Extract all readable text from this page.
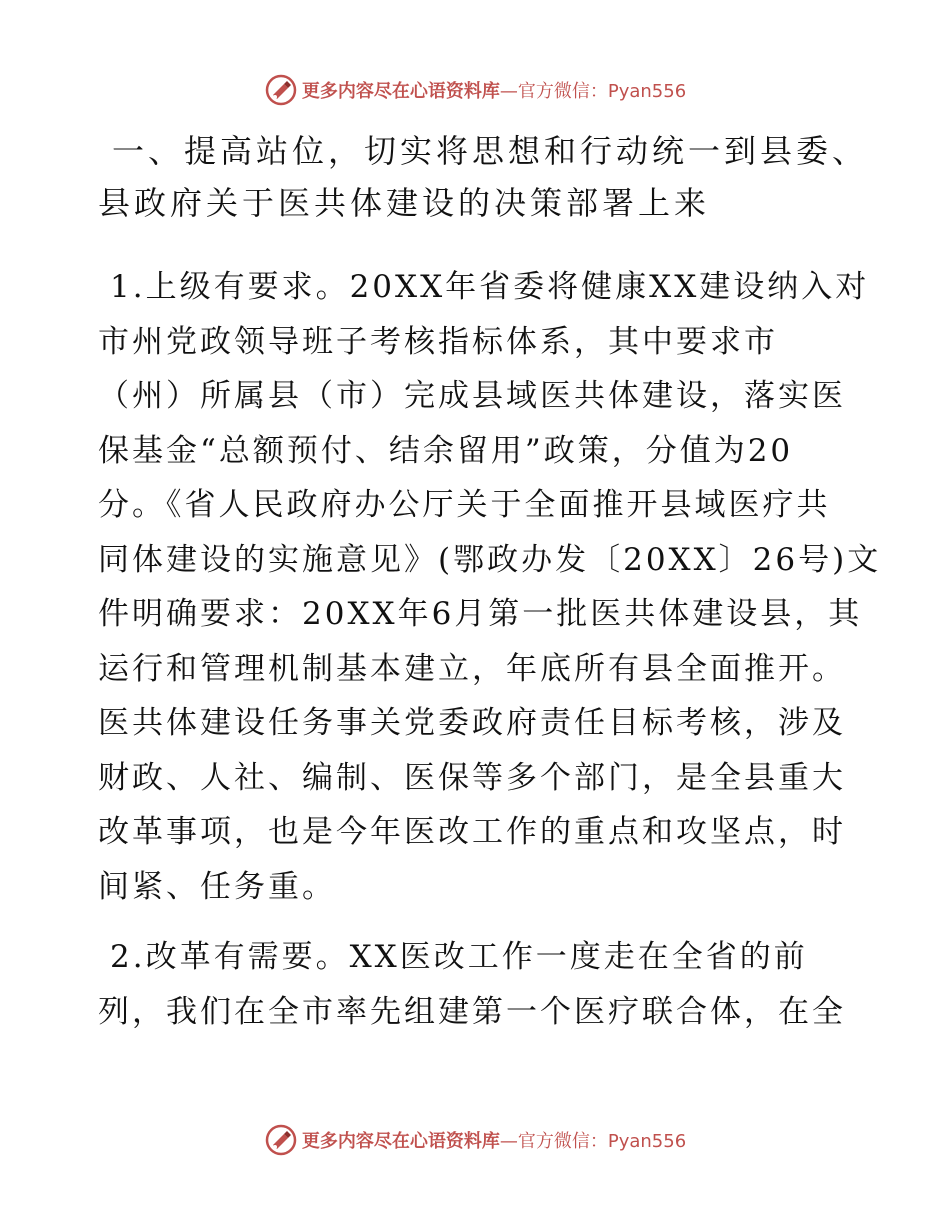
更多内容尽在心语资料库—官方微信：Pyan556
一、提高站位，切实将思想和行动统一到县委、
县政府关于医共体建设的决策部署上来

1.上级有要求。20XX年省委将健康XX建设纳入对
市州党政领导班子考核指标体系，其中要求市
（州）所属县（市）完成县域医共体建设，落实医
保基金“总额预付、结余留用”政策，分值为20
分。《省人民政府办公厅关于全面推开县域医疗共
同体建设的实施意见》(鄂政办发〔20XX〕26号)文
件明确要求：20XX年6月第一批医共体建设县，其
运行和管理机制基本建立，年底所有县全面推开。
医共体建设任务事关党委政府责任目标考核，涉及
财政、人社、编制、医保等多个部门，是全县重大
改革事项，也是今年医改工作的重点和攻坚点，时
间紧、任务重。

2.改革有需要。XX医改工作一度走在全省的前
列，我们在全市率先组建第一个医疗联合体，在全

更多内容尽在心语资料库—官方微信：Pyan556
